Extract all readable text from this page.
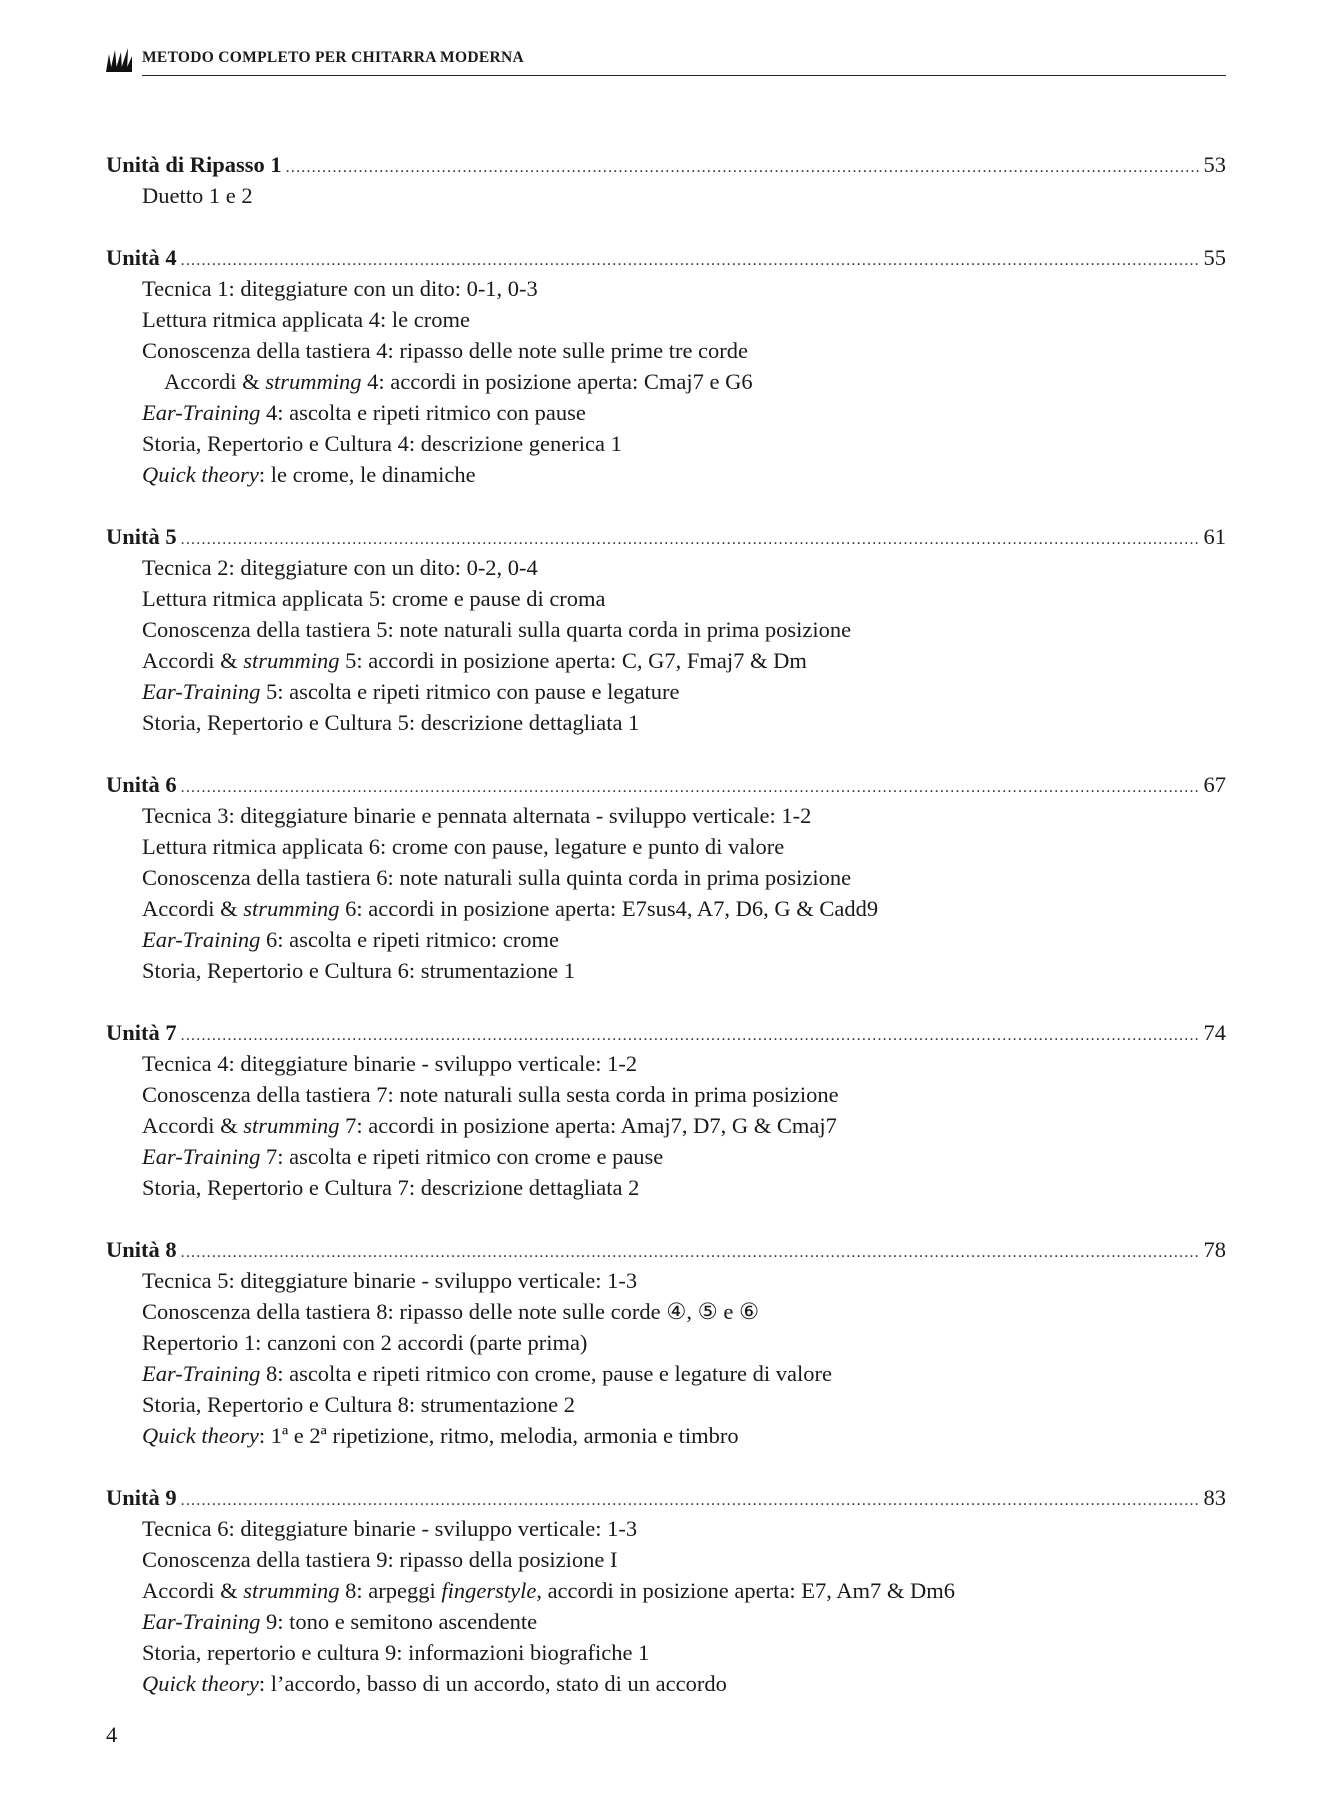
METODO COMPLETO PER CHITARRA MODERNA
Unità di Ripasso 1 .....	53
Duetto 1 e 2
Unità 4 .....	55
Tecnica 1: diteggiature con un dito: 0-1, 0-3
Lettura ritmica applicata 4: le crome
Conoscenza della tastiera 4: ripasso delle note sulle prime tre corde
Accordi & strumming 4: accordi in posizione aperta: Cmaj7 e G6
Ear-Training 4: ascolta e ripeti ritmico con pause
Storia, Repertorio e Cultura 4: descrizione generica 1
Quick theory: le crome, le dinamiche
Unità 5 .....	61
Tecnica 2: diteggiature con un dito: 0-2, 0-4
Lettura ritmica applicata 5: crome e pause di croma
Conoscenza della tastiera 5: note naturali sulla quarta corda in prima posizione
Accordi & strumming 5: accordi in posizione aperta: C, G7, Fmaj7 & Dm
Ear-Training 5: ascolta e ripeti ritmico con pause e legature
Storia, Repertorio e Cultura 5: descrizione dettagliata 1
Unità 6 .....	67
Tecnica 3: diteggiature binarie e pennata alternata - sviluppo verticale: 1-2
Lettura ritmica applicata 6: crome con pause, legature e punto di valore
Conoscenza della tastiera 6: note naturali sulla quinta corda in prima posizione
Accordi & strumming 6: accordi in posizione aperta: E7sus4, A7, D6, G & Cadd9
Ear-Training 6: ascolta e ripeti ritmico: crome
Storia, Repertorio e Cultura 6: strumentazione 1
Unità 7 .....	74
Tecnica 4: diteggiature binarie - sviluppo verticale: 1-2
Conoscenza della tastiera 7: note naturali sulla sesta corda in prima posizione
Accordi & strumming 7: accordi in posizione aperta: Amaj7, D7, G & Cmaj7
Ear-Training 7: ascolta e ripeti ritmico con crome e pause
Storia, Repertorio e Cultura 7: descrizione dettagliata 2
Unità 8 .....	78
Tecnica 5: diteggiature binarie - sviluppo verticale: 1-3
Conoscenza della tastiera 8: ripasso delle note sulle corde ④, ⑤ e ⑥
Repertorio 1: canzoni con 2 accordi (parte prima)
Ear-Training 8: ascolta e ripeti ritmico con crome, pause e legature di valore
Storia, Repertorio e Cultura 8: strumentazione 2
Quick theory: 1ª e 2ª ripetizione, ritmo, melodia, armonia e timbro
Unità 9 .....	83
Tecnica 6: diteggiature binarie - sviluppo verticale: 1-3
Conoscenza della tastiera 9: ripasso della posizione I
Accordi & strumming 8: arpeggi fingerstyle, accordi in posizione aperta: E7, Am7 & Dm6
Ear-Training 9: tono e semitono ascendente
Storia, repertorio e cultura 9: informazioni biografiche 1
Quick theory: l’accordo, basso di un accordo, stato di un accordo
4
